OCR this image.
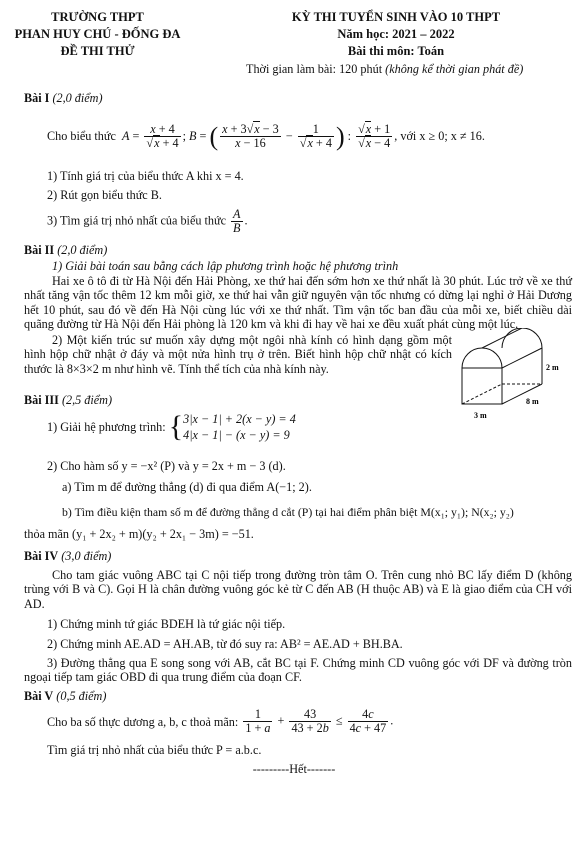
TRƯỜNG THPT
PHAN HUY CHÚ - ĐỐNG ĐA
ĐỀ THI THỬ
KỲ THI TUYỂN SINH VÀO 10 THPT
Năm học: 2021 – 2022
Bài thi môn: Toán
Thời gian làm bài: 120 phút (không kể thời gian phát đề)
Bài I (2,0 điểm)
Cho biểu thức  $A = \frac{x + 4}{√x + 4}$ ; B = ( $\frac{x + 3√x - 3}{x - 16} - \frac{1}{√x + 4}$ ) : $\frac{√x + 1}{√x - 4}$ , với x ≥ 0; x ≠ 16.
1) Tính giá trị của biểu thức A khi x = 4.
2) Rút gọn biểu thức B.
3) Tìm giá trị nhỏ nhất của biểu thức $\frac{A}{B}$ .
Bài II (2,0 điểm)
1) Giải bài toán sau bằng cách lập phương trình hoặc hệ phương trình
Hai xe ô tô đi từ Hà Nội đến Hải Phòng, xe thứ hai đến sớm hơn xe thứ nhất là 30 phút. Lúc trở về xe thứ nhất tăng vận tốc thêm 12 km mỗi giờ, xe thứ hai vẫn giữ nguyên vận tốc nhưng có dừng lại nghỉ ở Hải Dương hết 10 phút, sau đó về đến Hà Nội cùng lúc với xe thứ nhất. Tìm vận tốc ban đầu của mỗi xe, biết chiều dài quãng đường từ Hà Nội đến Hải phòng là 120 km và khi đi hay về hai xe đều xuất phát cùng một lúc.
2) Một kiến trúc sư muốn xây dựng một ngôi nhà kính có hình dạng gồm một hình hộp chữ nhật ở đáy và một nửa hình trụ ở trên. Biết hình hộp chữ nhật có kích thước là 8×3×2 m như hình vẽ. Tính thể tích của nhà kính này.	2 m
8 m
3 m
Bài III (2,5 điểm)
1) Giải hệ phương trình: { 3|x − 1| + 2(x − y) = 4
4|x − 1| − (x − y) = 9
2) Cho hàm số y = −x² (P) và y = 2x + m − 3 (d).
a) Tìm m để đường thẳng (d) đi qua điểm A(−1; 2).
b) Tìm điều kiện tham số m để đường thẳng d cắt (P) tại hai điểm phân biệt M(x₁; y₁); N(x₂; y₂)
thỏa mãn (y₁ + 2x₂ + m)(y₂ + 2x₁ − 3m) = −51.
Bài IV (3,0 điểm)
Cho tam giác vuông ABC tại C nội tiếp trong đường tròn tâm O. Trên cung nhỏ BC lấy điểm D (không trùng với B và C). Gọi H là chân đường vuông góc kẻ từ C đến AB (H thuộc AB) và E là giao điểm của CH với AD.
1) Chứng minh tứ giác BDEH là tứ giác nội tiếp.
2) Chứng minh AE.AD = AH.AB, từ đó suy ra: AB² = AE.AD + BH.BA.
3) Đường thẳng qua E song song với AB, cắt BC tại F. Chứng minh CD vuông góc với DF và đường tròn ngoại tiếp tam giác OBD đi qua trung điểm của đoạn CF.
Bài V (0,5 điểm)
Cho ba số thực dương a, b, c thoả mãn: $\frac{1}{1 + a} + \frac{43}{43 + 2b} \le \frac{4c}{4c + 47}$ .
Tìm giá trị nhỏ nhất của biểu thức P = a.b.c.
---------Hết-------
